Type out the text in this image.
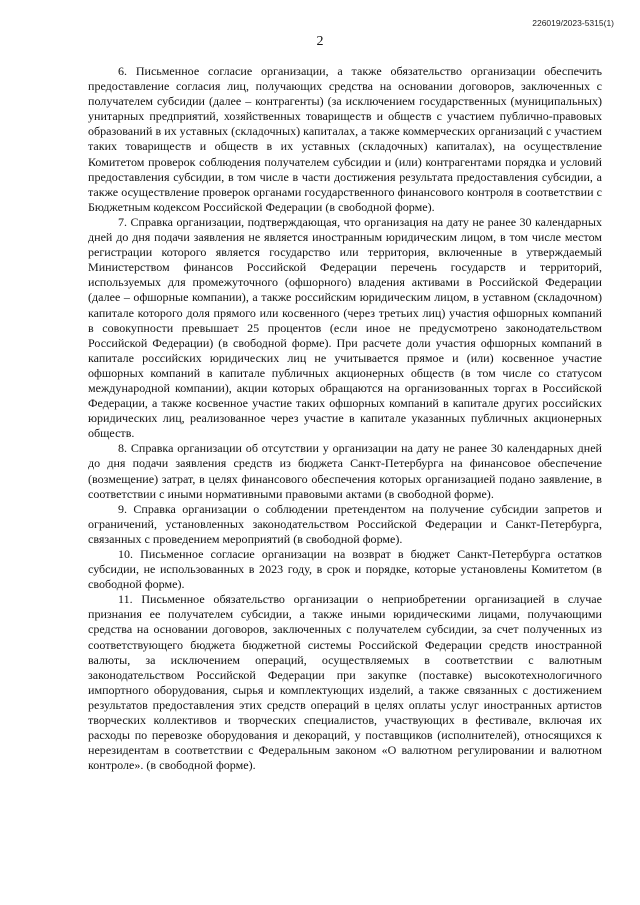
226019/2023-5315(1)
2

6. Письменное согласие организации, а также обязательство организации обеспечить предоставление согласия лиц, получающих средства на основании договоров, заключенных с получателем субсидии (далее – контрагенты) (за исключением государственных (муниципальных) унитарных предприятий, хозяйственных товариществ и обществ с участием публично-правовых образований в их уставных (складочных) капиталах, а также коммерческих организаций с участием таких товариществ и обществ в их уставных (складочных) капиталах), на осуществление Комитетом проверок соблюдения получателем субсидии и (или) контрагентами порядка и условий предоставления субсидии, в том числе в части достижения результата предоставления субсидии, а также осуществление проверок органами государственного финансового контроля в соответствии с Бюджетным кодексом Российской Федерации (в свободной форме).

7. Справка организации, подтверждающая, что организация на дату не ранее 30 календарных дней до дня подачи заявления не является иностранным юридическим лицом, в том числе местом регистрации которого является государство или территория, включенные в утверждаемый Министерством финансов Российской Федерации перечень государств и территорий, используемых для промежуточного (офшорного) владения активами в Российской Федерации (далее – офшорные компании), а также российским юридическим лицом, в уставном (складочном) капитале которого доля прямого или косвенного (через третьих лиц) участия офшорных компаний в совокупности превышает 25 процентов (если иное не предусмотрено законодательством Российской Федерации) (в свободной форме). При расчете доли участия офшорных компаний в капитале российских юридических лиц не учитывается прямое и (или) косвенное участие офшорных компаний в капитале публичных акционерных обществ (в том числе со статусом международной компании), акции которых обращаются на организованных торгах в Российской Федерации, а также косвенное участие таких офшорных компаний в капитале других российских юридических лиц, реализованное через участие в капитале указанных публичных акционерных обществ.

8. Справка организации об отсутствии у организации на дату не ранее 30 календарных дней до дня подачи заявления средств из бюджета Санкт-Петербурга на финансовое обеспечение (возмещение) затрат, в целях финансового обеспечения которых организацией подано заявление, в соответствии с иными нормативными правовыми актами (в свободной форме).

9. Справка организации о соблюдении претендентом на получение субсидии запретов и ограничений, установленных законодательством Российской Федерации и Санкт-Петербурга, связанных с проведением мероприятий (в свободной форме).

10. Письменное согласие организации на возврат в бюджет Санкт-Петербурга остатков субсидии, не использованных в 2023 году, в срок и порядке, которые установлены Комитетом (в свободной форме).

11. Письменное обязательство организации о неприобретении организацией в случае признания ее получателем субсидии, а также иными юридическими лицами, получающими средства на основании договоров, заключенных с получателем субсидии, за счет полученных из соответствующего бюджета бюджетной системы Российской Федерации средств иностранной валюты, за исключением операций, осуществляемых в соответствии с валютным законодательством Российской Федерации при закупке (поставке) высокотехнологичного импортного оборудования, сырья и комплектующих изделий, а также связанных с достижением результатов предоставления этих средств операций в целях оплаты услуг иностранных артистов творческих коллективов и творческих специалистов, участвующих в фестивале, включая их расходы по перевозке оборудования и декораций, у поставщиков (исполнителей), относящихся к нерезидентам в соответствии с Федеральным законом «О валютном регулировании и валютном контроле». (в свободной форме).
